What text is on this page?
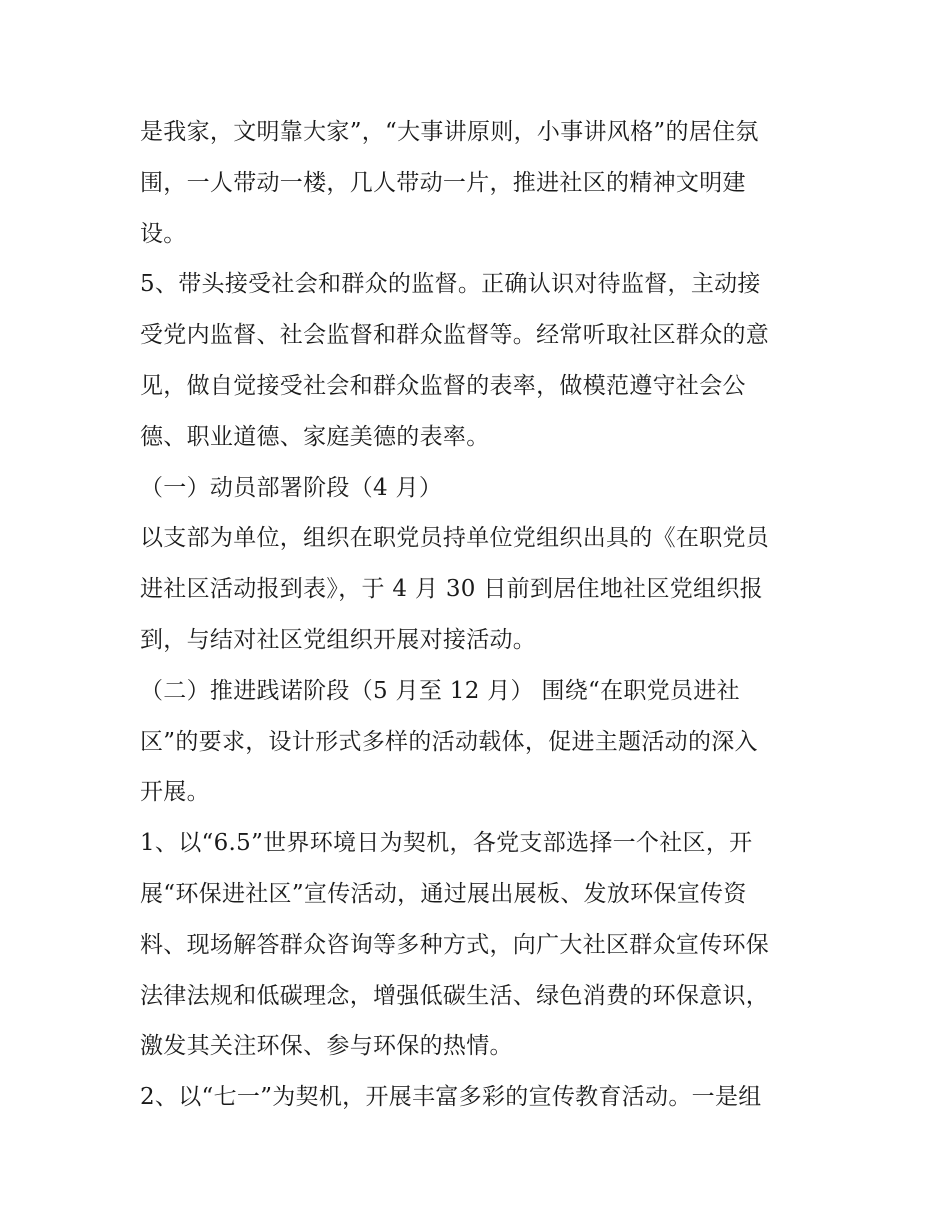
是我家，文明靠大家”，“大事讲原则，小事讲风格”的居住氛
围，一人带动一楼，几人带动一片，推进社区的精神文明建
设。
5、带头接受社会和群众的监督。正确认识对待监督，主动接
受党内监督、社会监督和群众监督等。经常听取社区群众的意
见，做自觉接受社会和群众监督的表率，做模范遵守社会公
德、职业道德、家庭美德的表率。
（一）动员部署阶段（4 月）
以支部为单位，组织在职党员持单位党组织出具的《在职党员
进社区活动报到表》，于 4 月 30 日前到居住地社区党组织报
到，与结对社区党组织开展对接活动。
（二）推进践诺阶段（5 月至 12 月） 围绕“在职党员进社
区”的要求，设计形式多样的活动载体，促进主题活动的深入
开展。
1、以“6.5”世界环境日为契机，各党支部选择一个社区，开
展“环保进社区”宣传活动，通过展出展板、发放环保宣传资
料、现场解答群众咨询等多种方式，向广大社区群众宣传环保
法律法规和低碳理念，增强低碳生活、绿色消费的环保意识，
激发其关注环保、参与环保的热情。
2、以“七一”为契机，开展丰富多彩的宣传教育活动。一是组
